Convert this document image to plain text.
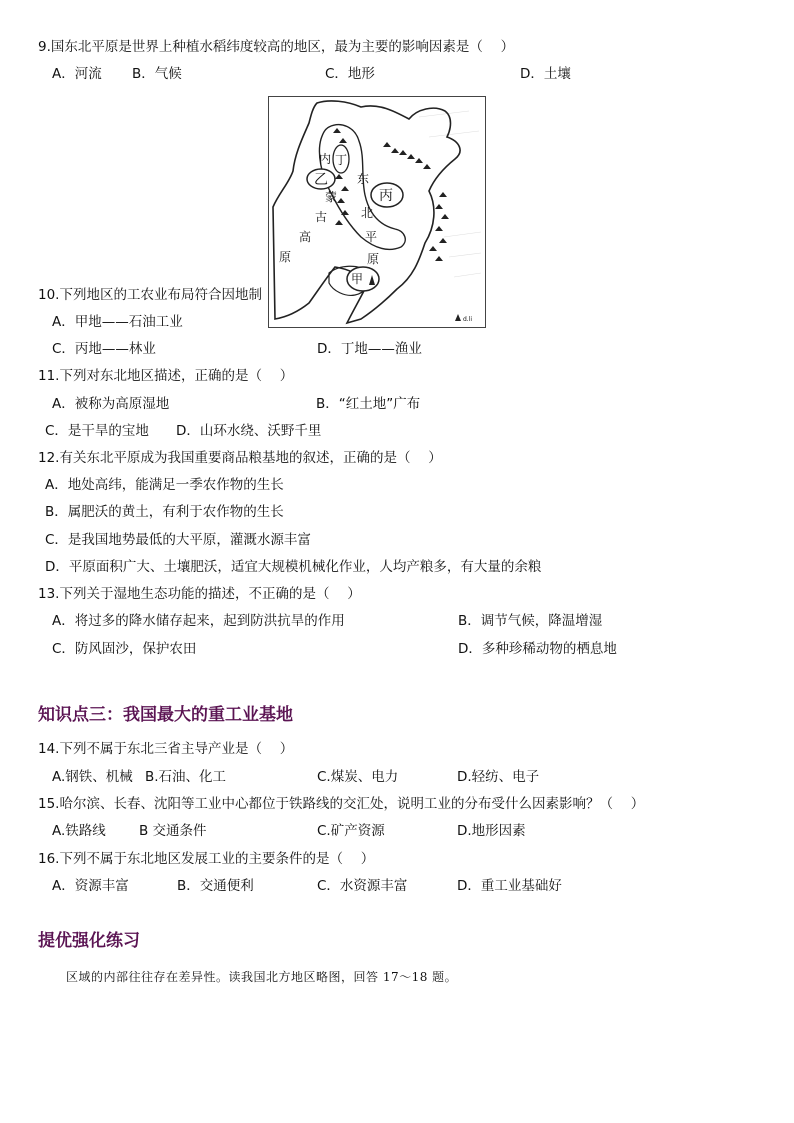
9.国东北平原是世界上种植水稻纬度较高的地区，最为主要的影响因素是（　 ）
A．河流 B．气候	C．地形	D．土壤
丁
乙
丙
甲
内
蒙
古
高
原
东
北
平
原
d.li
10.下列地区的工农业布局符合因地制
A．甲地——石油工业
C．丙地——林业	D．丁地——渔业
11.下列对东北地区描述，正确的是（　 ）
A．被称为高原湿地	B．“红土地”广布
C．是干旱的宝地 D．山环水绕、沃野千里
12.有关东北平原成为我国重要商品粮基地的叙述，正确的是（　 ）
A．地处高纬，能满足一季农作物的生长
B．属肥沃的黄土，有利于农作物的生长
C．是我国地势最低的大平原，灌溉水源丰富
D．平原面积广大、土壤肥沃，适宜大规模机械化作业，人均产粮多，有大量的余粮
13.下列关于湿地生态功能的描述，不正确的是（　 ）
A．将过多的降水储存起来，起到防洪抗旱的作用	B．调节气候，降温增湿
C．防风固沙，保护农田	D．多种珍稀动物的栖息地
知识点三：我国最大的重工业基地
14.下列不属于东北三省主导产业是（　 ）
A.钢铁、机械 B.石油、化工	C.煤炭、电力	D.轻纺、电子
15.哈尔滨、长春、沈阳等工业中心都位于铁路线的交汇处，说明工业的分布受什么因素影响？（　 ）
A.铁路线 B 交通条件	C.矿产资源	D.地形因素
16.下列不属于东北地区发展工业的主要条件的是（　 ）
A．资源丰富	B．交通便利	C．水资源丰富	D．重工业基础好
提优强化练习
区域的内部往往存在差异性。读我国北方地区略图，回答 17～18 题。
